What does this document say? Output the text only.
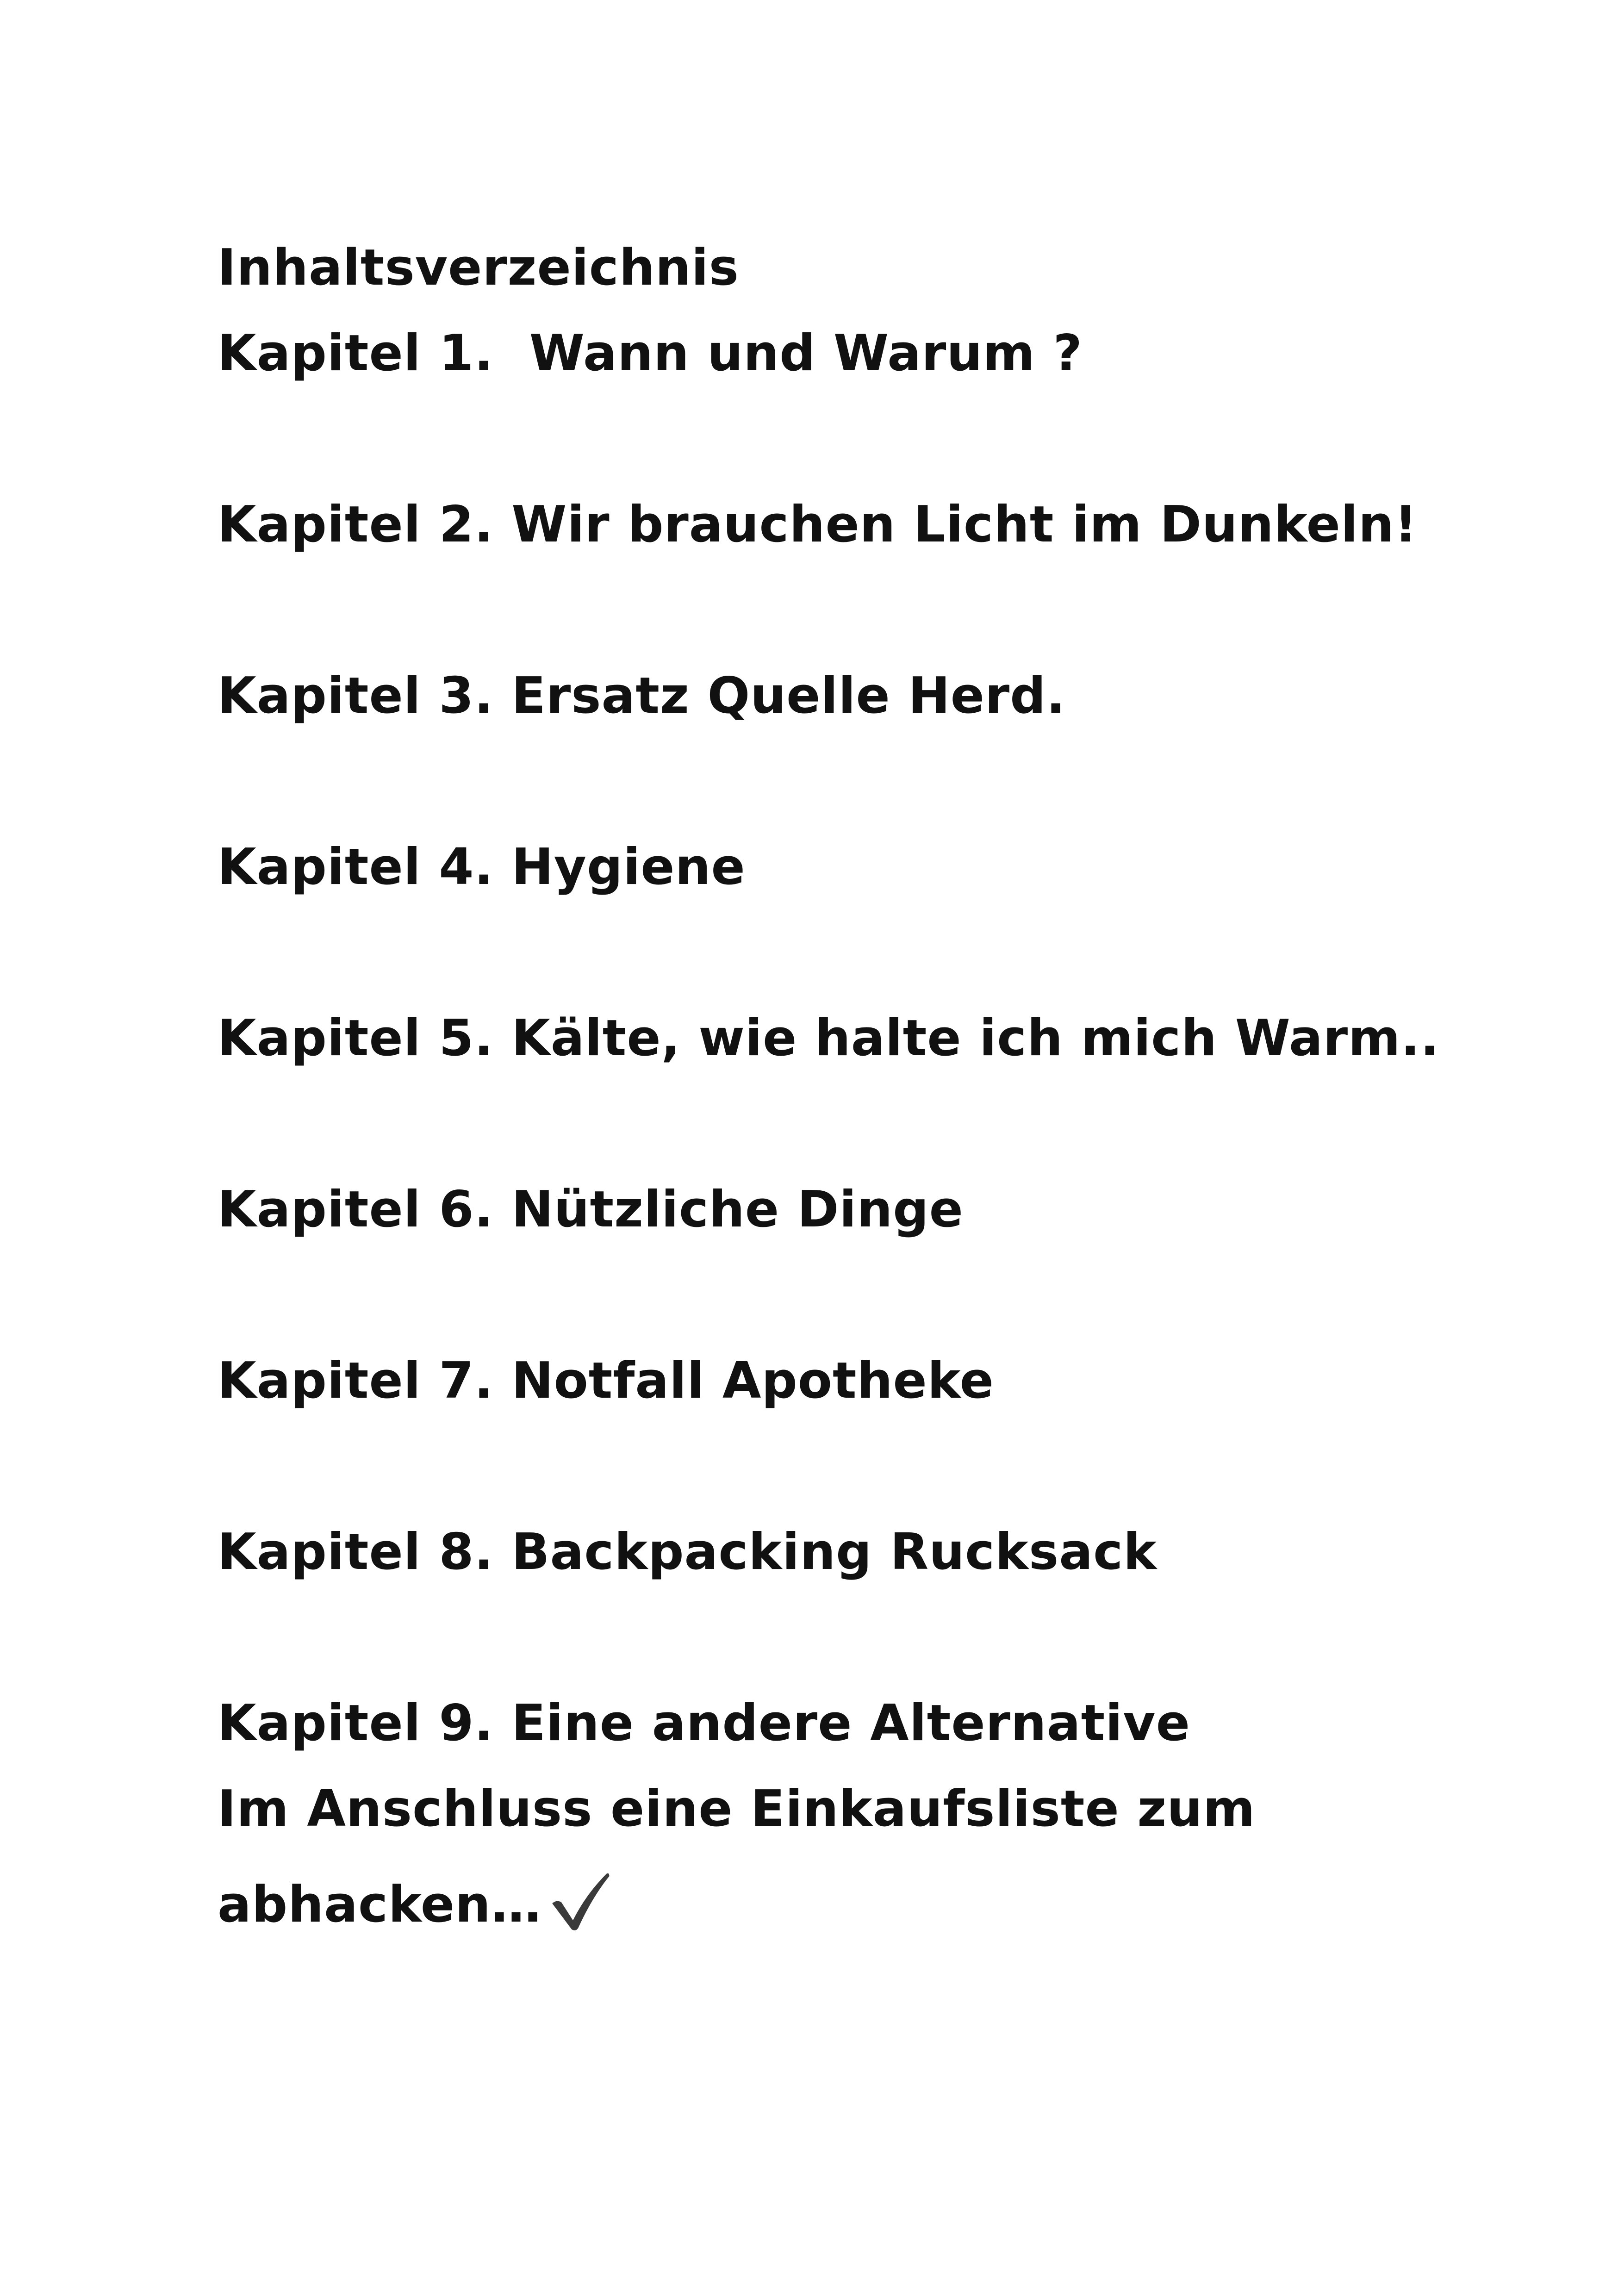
Inhaltsverzeichnis
Kapitel 1. Wann und Warum ?
Kapitel 2. Wir brauchen Licht im Dunkeln!
Kapitel 3. Ersatz Quelle Herd.
Kapitel 4. Hygiene
Kapitel 5. Kälte, wie halte ich mich Warm..
Kapitel 6. Nützliche Dinge
Kapitel 7. Notfall Apotheke
Kapitel 8. Backpacking Rucksack
Kapitel 9. Eine andere Alternative
Im Anschluss eine Einkaufsliste zum
abhacken…
